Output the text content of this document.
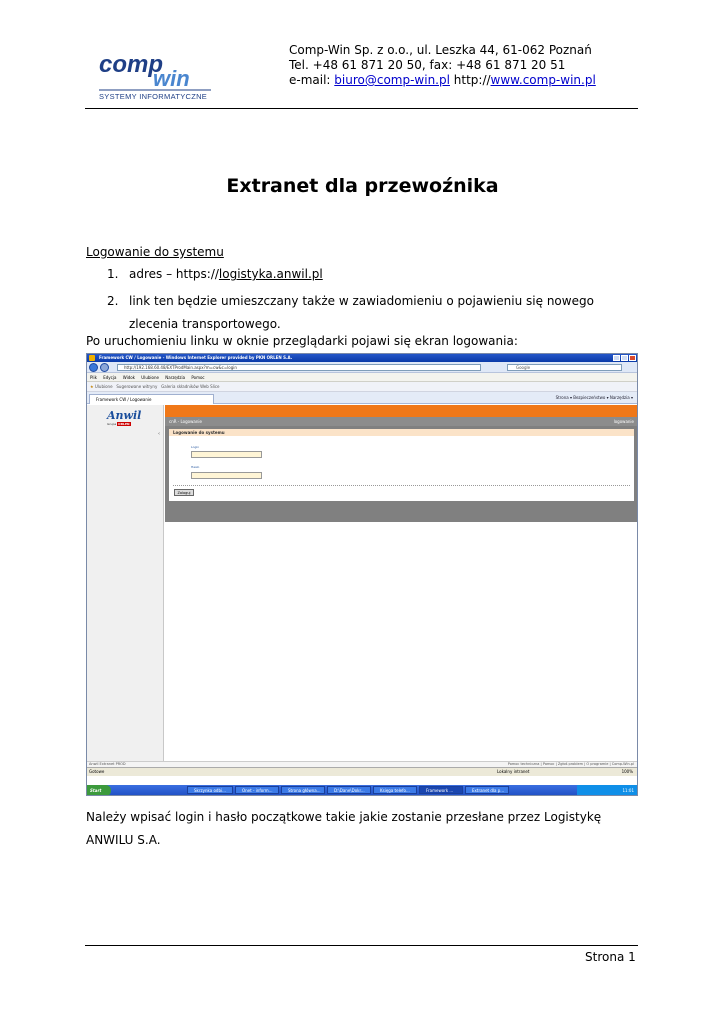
comp
win
SYSTEMY INFORMATYCZNE
Comp-Win Sp. z o.o., ul. Leszka 44, 61-062 Poznań
Tel. +48 61 871 20 50, fax: +48 61 871 20 51
e-mail: biuro@comp-win.pl http://www.comp-win.pl
Extranet dla przewoźnika
Logowanie do systemu
1. adres – https://logistyka.anwil.pl
2. link ten będzie umieszczany także w zawiadomieniu o pojawieniu się nowego
zlecenia transportowego.
Po uruchomieniu linku w oknie przeglądarki pojawi się ekran logowania:
Framework CW / Logowanie - Windows Internet Explorer provided by PKN ORLEN S.A.
http://192.168.60.48/EXTProdMain.aspx?m=cw&c=login	Google
Plik Edycja Widok Ulubione Narzędzia Pomoc
★ Ulubione Sugerowane witryny Galeria składników Web Slice
Framework CW / Logowanie	Strona ▾ Bezpieczeństwo ▾ Narzędzia ▾
Anwil
Grupa ORLEN
‹
cnR - Logowanie	logowanie
Logowanie do systemu
Login
Hasło
Zaloguj
Anwil Extranet PROD	Pomoc techniczna | Pomoc | Zgłoś problem | O programie | Comp-Win.pl
Gotowe	Lokalny intranet	100%
Start	Skrzynka odbi...	Onet - inform...	Strona główna...	D:\Dane\Dokr...	Księga telefo...	Framework ...	Extranet dla p...	11:01
Należy wpisać login i hasło początkowe takie jakie zostanie przesłane przez Logistykę ANWILU S.A.
Strona 1
